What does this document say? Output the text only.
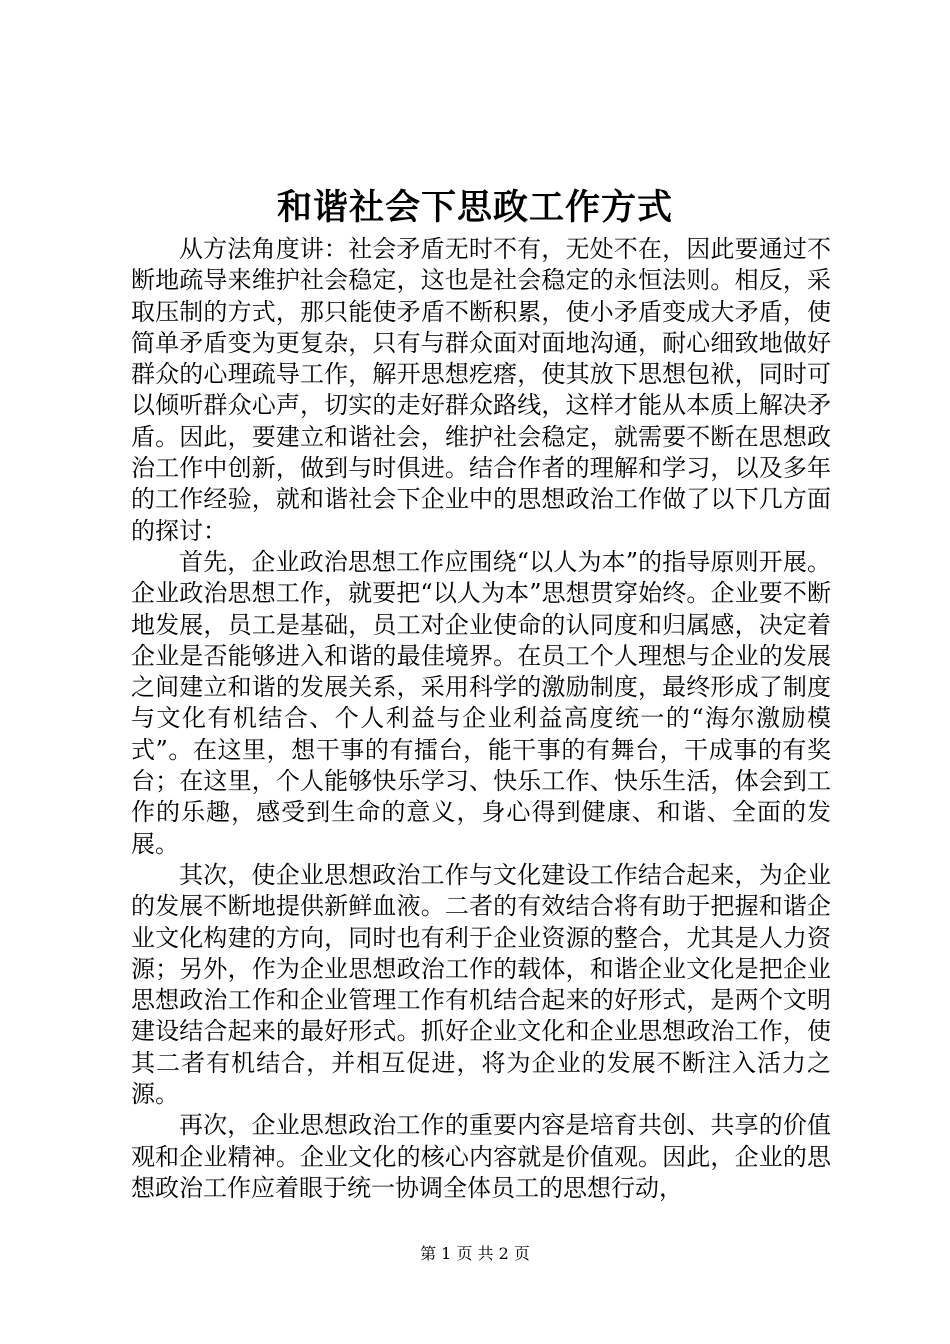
和谐社会下思政工作方式

从方法角度讲：社会矛盾无时不有，无处不在，因此要通过不断地疏导来维护社会稳定，这也是社会稳定的永恒法则。相反，采取压制的方式，那只能使矛盾不断积累，使小矛盾变成大矛盾，使简单矛盾变为更复杂，只有与群众面对面地沟通，耐心细致地做好群众的心理疏导工作，解开思想疙瘩，使其放下思想包袱，同时可以倾听群众心声，切实的走好群众路线，这样才能从本质上解决矛盾。因此，要建立和谐社会，维护社会稳定，就需要不断在思想政治工作中创新，做到与时俱进。结合作者的理解和学习，以及多年的工作经验，就和谐社会下企业中的思想政治工作做了以下几方面的探讨：

首先，企业政治思想工作应围绕“以人为本”的指导原则开展。企业政治思想工作，就要把“以人为本”思想贯穿始终。企业要不断地发展，员工是基础，员工对企业使命的认同度和归属感，决定着企业是否能够进入和谐的最佳境界。在员工个人理想与企业的发展之间建立和谐的发展关系，采用科学的激励制度，最终形成了制度与文化有机结合、个人利益与企业利益高度统一的“海尔激励模式”。在这里，想干事的有擂台，能干事的有舞台，干成事的有奖台；在这里，个人能够快乐学习、快乐工作、快乐生活，体会到工作的乐趣，感受到生命的意义，身心得到健康、和谐、全面的发展。

其次，使企业思想政治工作与文化建设工作结合起来，为企业的发展不断地提供新鲜血液。二者的有效结合将有助于把握和谐企业文化构建的方向，同时也有利于企业资源的整合，尤其是人力资源；另外，作为企业思想政治工作的载体，和谐企业文化是把企业思想政治工作和企业管理工作有机结合起来的好形式，是两个文明建设结合起来的最好形式。抓好企业文化和企业思想政治工作，使其二者有机结合，并相互促进，将为企业的发展不断注入活力之源。

再次，企业思想政治工作的重要内容是培育共创、共享的价值观和企业精神。企业文化的核心内容就是价值观。因此，企业的思想政治工作应着眼于统一协调全体员工的思想行动，

第 1 页 共 2 页
